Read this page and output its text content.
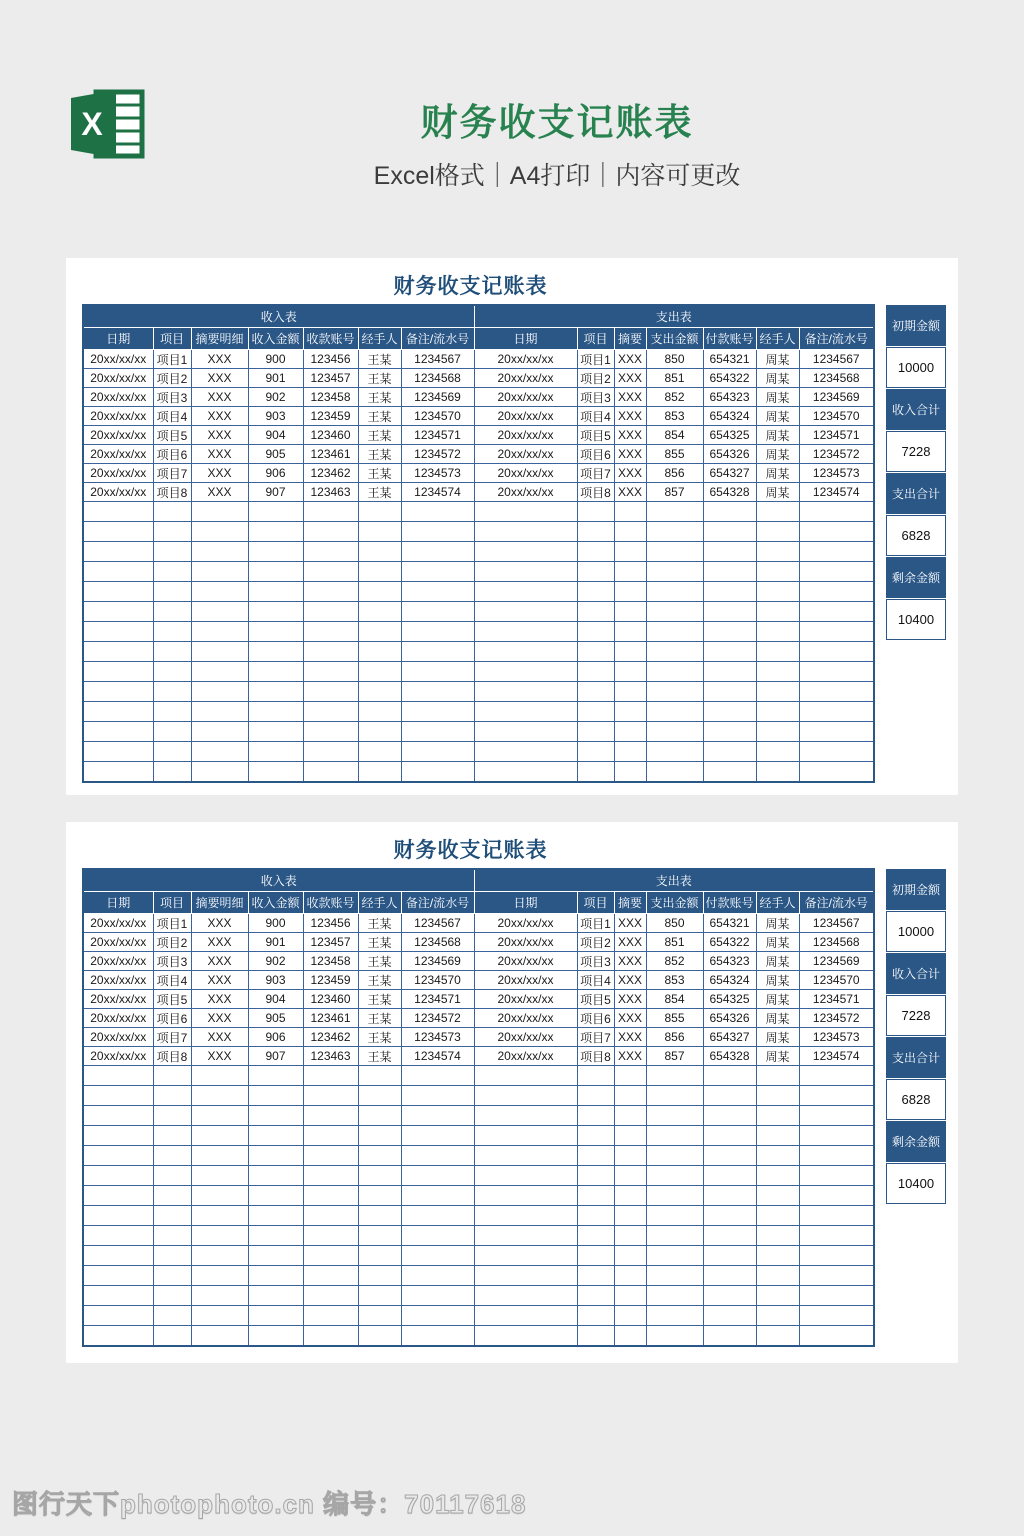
X	财务收支记账表
Excel格式｜A4打印｜内容可更改
财务收支记账表
收入表							支出表						
日期	项目	摘要明细	收入金额	收款账号	经手人	备注/流水号	日期	项目	摘要	支出金额	付款账号	经手人	备注/流水号
20xx/xx/xx	项目1	XXX	900	123456	王某	1234567	20xx/xx/xx	项目1	XXX	850	654321	周某	1234567
20xx/xx/xx	项目2	XXX	901	123457	王某	1234568	20xx/xx/xx	项目2	XXX	851	654322	周某	1234568
20xx/xx/xx	项目3	XXX	902	123458	王某	1234569	20xx/xx/xx	项目3	XXX	852	654323	周某	1234569
20xx/xx/xx	项目4	XXX	903	123459	王某	1234570	20xx/xx/xx	项目4	XXX	853	654324	周某	1234570
20xx/xx/xx	项目5	XXX	904	123460	王某	1234571	20xx/xx/xx	项目5	XXX	854	654325	周某	1234571
20xx/xx/xx	项目6	XXX	905	123461	王某	1234572	20xx/xx/xx	项目6	XXX	855	654326	周某	1234572
20xx/xx/xx	项目7	XXX	906	123462	王某	1234573	20xx/xx/xx	项目7	XXX	856	654327	周某	1234573
20xx/xx/xx	项目8	XXX	907	123463	王某	1234574	20xx/xx/xx	项目8	XXX	857	654328	周某	1234574

初期金额
10000
收入合计
7228
支出合计
6828
剩余金额
10400
财务收支记账表
收入表							支出表						
日期	项目	摘要明细	收入金额	收款账号	经手人	备注/流水号	日期	项目	摘要	支出金额	付款账号	经手人	备注/流水号
20xx/xx/xx	项目1	XXX	900	123456	王某	1234567	20xx/xx/xx	项目1	XXX	850	654321	周某	1234567
20xx/xx/xx	项目2	XXX	901	123457	王某	1234568	20xx/xx/xx	项目2	XXX	851	654322	周某	1234568
20xx/xx/xx	项目3	XXX	902	123458	王某	1234569	20xx/xx/xx	项目3	XXX	852	654323	周某	1234569
20xx/xx/xx	项目4	XXX	903	123459	王某	1234570	20xx/xx/xx	项目4	XXX	853	654324	周某	1234570
20xx/xx/xx	项目5	XXX	904	123460	王某	1234571	20xx/xx/xx	项目5	XXX	854	654325	周某	1234571
20xx/xx/xx	项目6	XXX	905	123461	王某	1234572	20xx/xx/xx	项目6	XXX	855	654326	周某	1234572
20xx/xx/xx	项目7	XXX	906	123462	王某	1234573	20xx/xx/xx	项目7	XXX	856	654327	周某	1234573
20xx/xx/xx	项目8	XXX	907	123463	王某	1234574	20xx/xx/xx	项目8	XXX	857	654328	周某	1234574

初期金额
10000
收入合计
7228
支出合计
6828
剩余金额
10400
图行天下photophoto.cn 编号：70117618
